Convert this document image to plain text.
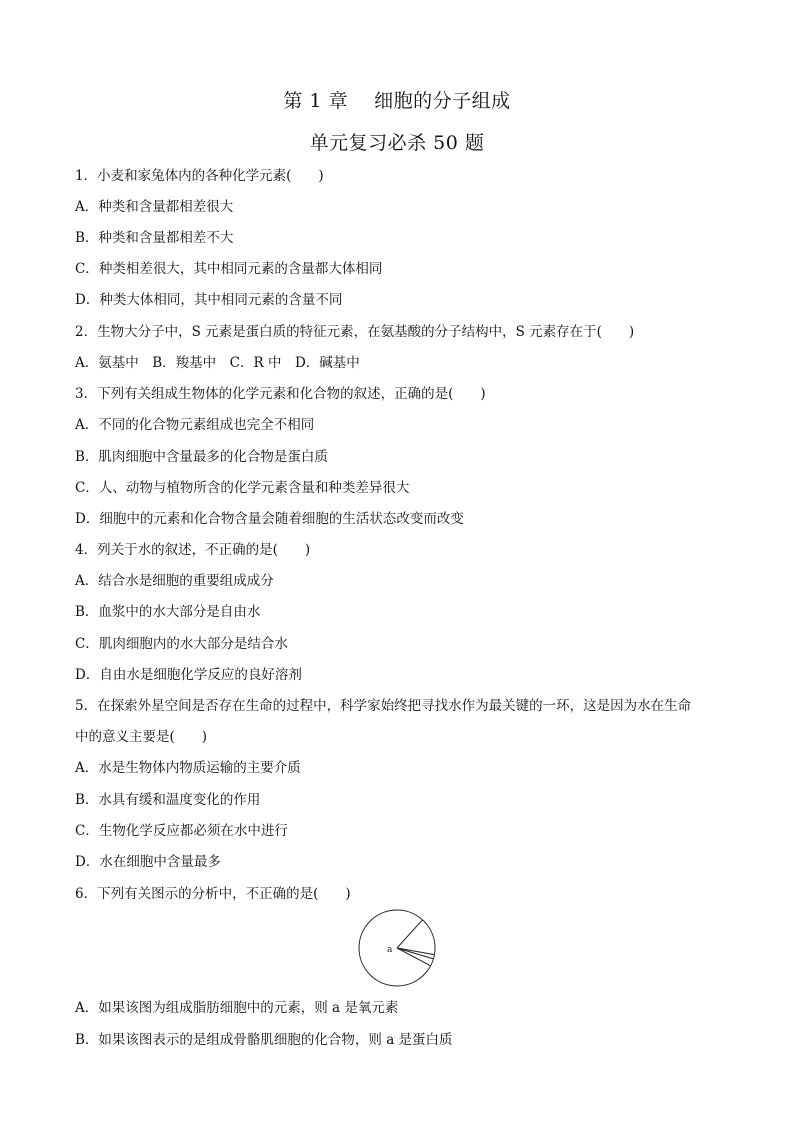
第 1 章　 细胞的分子组成
单元复习必杀 50 题
1．小麦和家兔体内的各种化学元素(　　)
A．种类和含量都相差很大
B．种类和含量都相差不大
C．种类相差很大，其中相同元素的含量都大体相同
D．种类大体相同，其中相同元素的含量不同
2．生物大分子中，S 元素是蛋白质的特征元素，在氨基酸的分子结构中，S 元素存在于(　　)
A．氨基中　B．羧基中　C．R 中　D．碱基中
3．下列有关组成生物体的化学元素和化合物的叙述，正确的是(　　)
A．不同的化合物元素组成也完全不相同
B．肌肉细胞中含量最多的化合物是蛋白质
C．人、动物与植物所含的化学元素含量和种类差异很大
D．细胞中的元素和化合物含量会随着细胞的生活状态改变而改变
4．列关于水的叙述，不正确的是(　　)
A．结合水是细胞的重要组成成分
B．血浆中的水大部分是自由水
C．肌肉细胞内的水大部分是结合水
D．自由水是细胞化学反应的良好溶剂
5．在探索外星空间是否存在生命的过程中，科学家始终把寻找水作为最关键的一环，这是因为水在生命
中的意义主要是(　　)
A．水是生物体内物质运输的主要介质
B．水具有缓和温度变化的作用
C．生物化学反应都必须在水中进行
D．水在细胞中含量最多
6．下列有关图示的分析中，不正确的是(　　)
a
A．如果该图为组成脂肪细胞中的元素，则 a 是氧元素
B．如果该图表示的是组成骨骼肌细胞的化合物，则 a 是蛋白质
